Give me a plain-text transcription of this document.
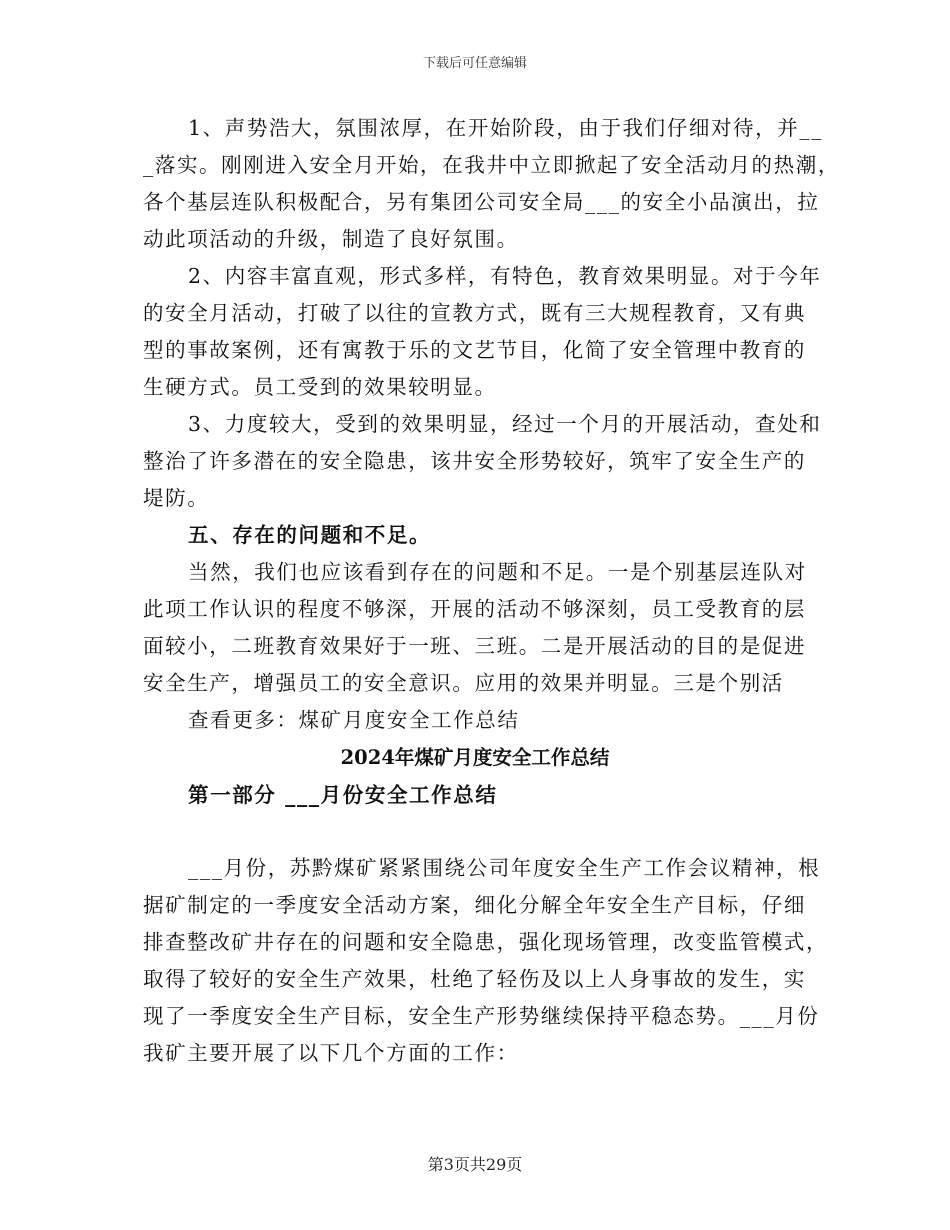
下载后可任意编辑
1、声势浩大，氛围浓厚，在开始阶段，由于我们仔细对待，并__
_落实。刚刚进入安全月开始，在我井中立即掀起了安全活动月的热潮，
各个基层连队积极配合，另有集团公司安全局___的安全小品演出，拉
动此项活动的升级，制造了良好氛围。
2、内容丰富直观，形式多样，有特色，教育效果明显。对于今年
的安全月活动，打破了以往的宣教方式，既有三大规程教育，又有典
型的事故案例，还有寓教于乐的文艺节目，化简了安全管理中教育的
生硬方式。员工受到的效果较明显。
3、力度较大，受到的效果明显，经过一个月的开展活动，查处和
整治了许多潜在的安全隐患，该井安全形势较好，筑牢了安全生产的
堤防。
五、存在的问题和不足。
当然，我们也应该看到存在的问题和不足。一是个别基层连队对
此项工作认识的程度不够深，开展的活动不够深刻，员工受教育的层
面较小，二班教育效果好于一班、三班。二是开展活动的目的是促进
安全生产，增强员工的安全意识。应用的效果并明显。三是个别活
查看更多：煤矿月度安全工作总结
2024年煤矿月度安全工作总结
第一部分 ___月份安全工作总结
___月份，苏黔煤矿紧紧围绕公司年度安全生产工作会议精神，根
据矿制定的一季度安全活动方案，细化分解全年安全生产目标，仔细
排查整改矿井存在的问题和安全隐患，强化现场管理，改变监管模式，
取得了较好的安全生产效果，杜绝了轻伤及以上人身事故的发生，实
现了一季度安全生产目标，安全生产形势继续保持平稳态势。___月份
我矿主要开展了以下几个方面的工作：
第3页共29页
